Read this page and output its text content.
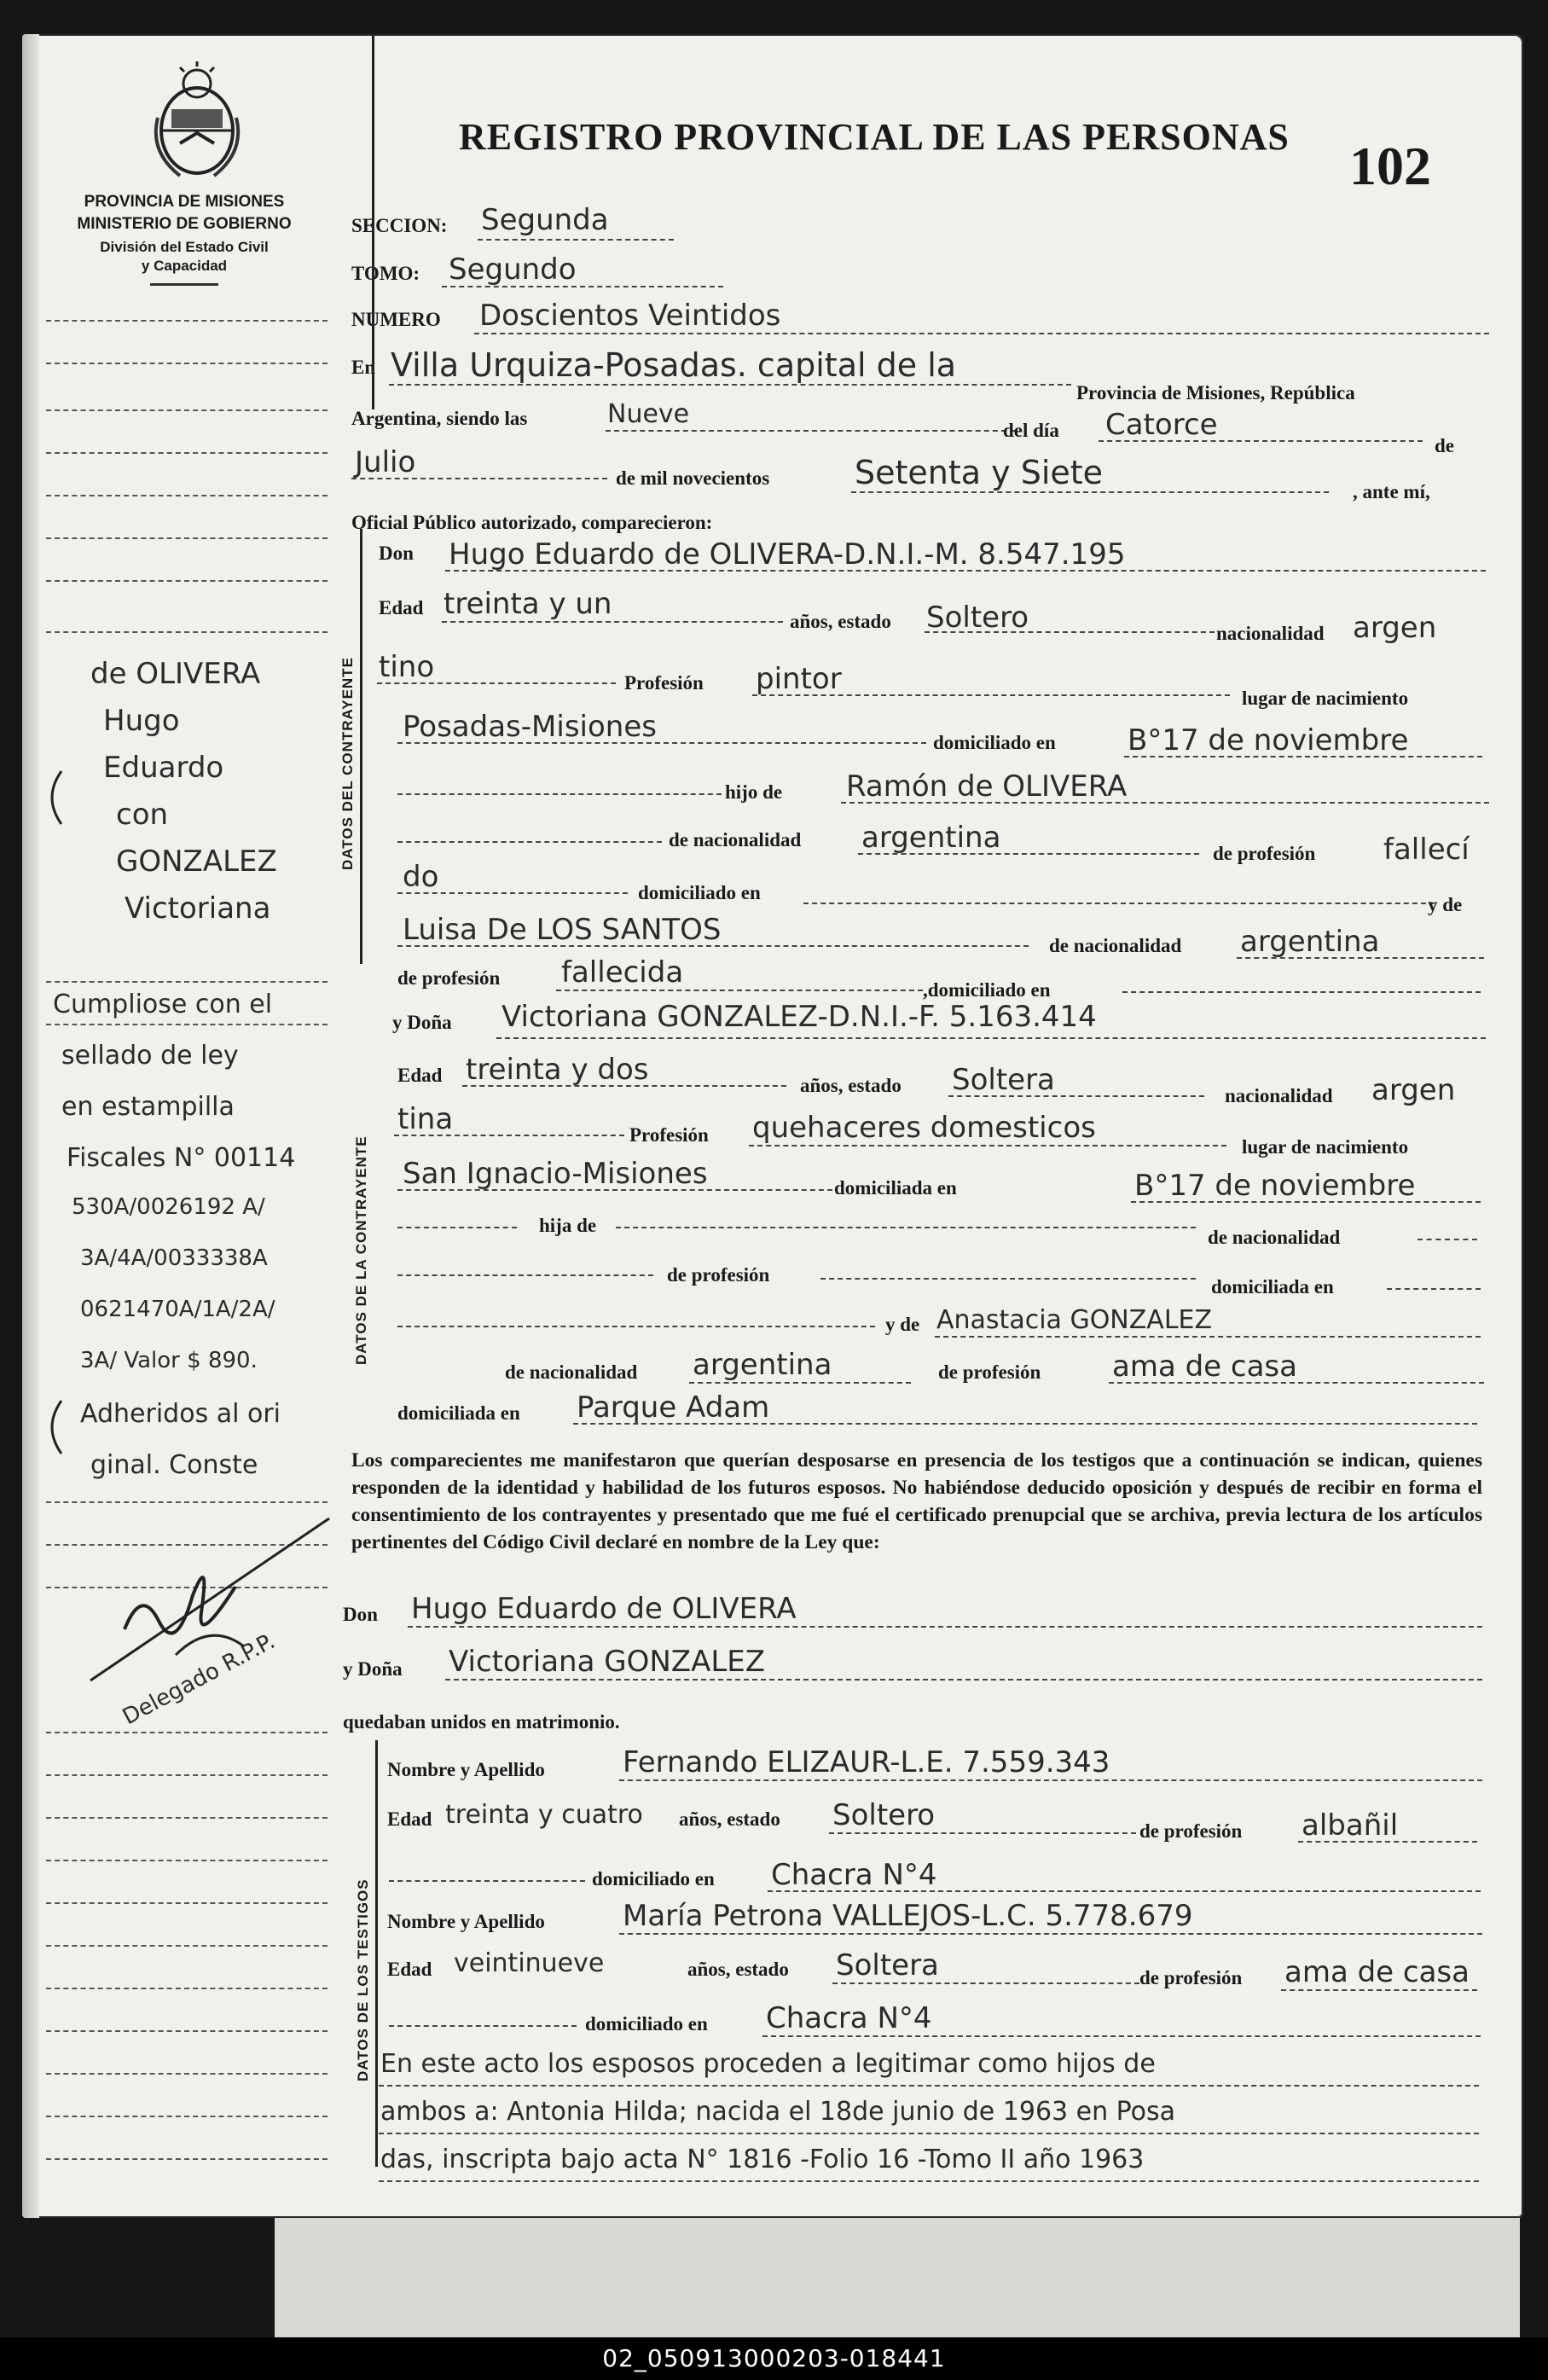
PROVINCIA DE MISIONES
MINISTERIO DE GOBIERNO
División del Estado Civil
y Capacidad
REGISTRO PROVINCIAL DE LAS PERSONAS 102
de OLIVERA
Hugo
Eduardo
con
GONZALEZ
Victoriana
Cumpliose con el
sellado de ley
en estampilla
Fiscales N° 00114
530A/0026192 A/
3A/4A/0033338A
0621470A/1A/2A/
3A/ Valor $ 890.
Adheridos al ori
ginal. Conste
Delegado R.P.P.
SECCION: Segunda
TOMO: Segundo
NUMERO Doscientos Veintidos
En Villa Urquiza-Posadas. capital de la
Provincia de Misiones, República
Argentina, siendo las	Nueve
del día Catorce
de
Julio	de mil novecientos	Setenta y Siete
, ante mí,
Oficial Público autorizado, comparecieron:
DATOS DEL CONTRAYENTE
Don Hugo Eduardo de OLIVERA-D.N.I.-M. 8.547.195
Edad treinta y un
años, estado Soltero	nacionalidad argen
tino	Profesión pintor
lugar de nacimiento
Posadas-Misiones	domiciliado en B°17 de noviembre
hijo de Ramón de OLIVERA
de nacionalidad argentina	de profesión fallecí
do	domiciliado en
y de
Luisa De LOS SANTOS	de nacionalidad argentina
de profesión fallecida
,domiciliado en
DATOS DE LA CONTRAYENTE
y Doña Victoriana GONZALEZ-D.N.I.-F. 5.163.414
Edad treinta y dos	años, estado Soltera	nacionalidad argen
tina	Profesión quehaceres domesticos
lugar de nacimiento
San Ignacio-Misiones	domiciliada en	B°17 de noviembre
hija de
de nacionalidad
de profesión
domiciliada en
y de Anastacia GONZALEZ
de nacionalidad argentina	de profesión ama de casa
domiciliada en Parque Adam
Los comparecientes me manifestaron que querían desposarse en presencia de los testigos que a continuación se indican, quienes responden de la identidad y habilidad de los futuros esposos. No habiéndose deducido oposición y después de recibir en forma el consentimiento de los contrayentes y presentado que me fué el certificado prenupcial que se archiva, previa lectura de los artículos pertinentes del Código Civil declaré en nombre de la Ley que:
Don Hugo Eduardo de OLIVERA
y Doña Victoriana GONZALEZ
quedaban unidos en matrimonio.
DATOS DE LOS TESTIGOS
Nombre y Apellido	Fernando ELIZAUR-L.E. 7.559.343
Edad treinta y cuatro años, estado Soltero	de profesión albañil
domiciliado en Chacra N°4
Nombre y Apellido	María Petrona VALLEJOS-L.C. 5.778.679
Edad veintinueve	años, estado Soltera	de profesión ama de casa
domiciliado en Chacra N°4
En este acto los esposos proceden a legitimar como hijos de
ambos a: Antonia Hilda; nacida el 18de junio de 1963 en Posa
das, inscripta bajo acta N° 1816 -Folio 16 -Tomo II año 1963
02_050913000203-018441
